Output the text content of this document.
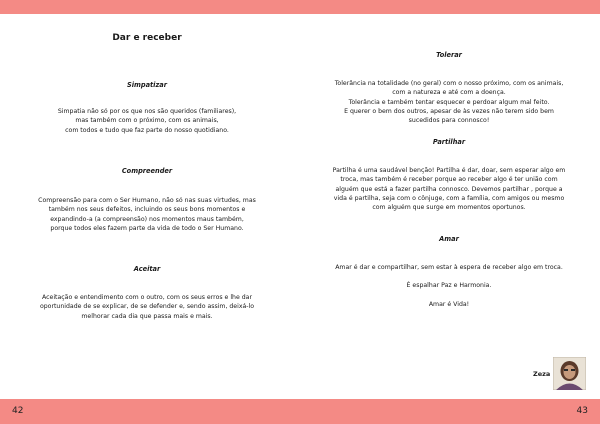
Dar e receber
Simpatizar
Simpatia não só por os que nos são queridos (familiares),
mas também com o próximo, com os animais,
com todos e tudo que faz parte do nosso quotidiano.
Compreender
Compreensão para com o Ser Humano, não só nas suas virtudes, mas
também nos seus defeitos, incluindo os seus bons momentos e
expandindo-a (a compreensão) nos momentos maus também,
porque todos eles fazem parte da vida de todo o Ser Humano.
Aceitar
Aceitação e entendimento com o outro, com os seus erros e lhe dar
oportunidade de se explicar, de se defender e, sendo assim, deixá-lo
melhorar cada dia que passa mais e mais.
Tolerar
Tolerância na totalidade (no geral) com o nosso próximo, com os animais,
com a natureza e até com a doença.
Tolerância e também tentar esquecer e perdoar algum mal feito.
E querer o bem dos outros, apesar de às vezes não terem sido bem
sucedidos para connosco!
Partilhar
Partilha é uma saudável benção! Partilha é dar, doar, sem esperar algo em
troca, mas também é receber porque ao receber algo é ter união com
alguém que está a fazer partilha connosco. Devemos partilhar , porque a
vida é partilha, seja com o cônjuge, com a família, com amigos ou mesmo
com alguém que surge em momentos oportunos.
Amar
Amar é dar e compartilhar, sem estar à espera de receber algo em troca.
É espalhar Paz e Harmonia.
Amar é Vida!
Zeza
42	43
